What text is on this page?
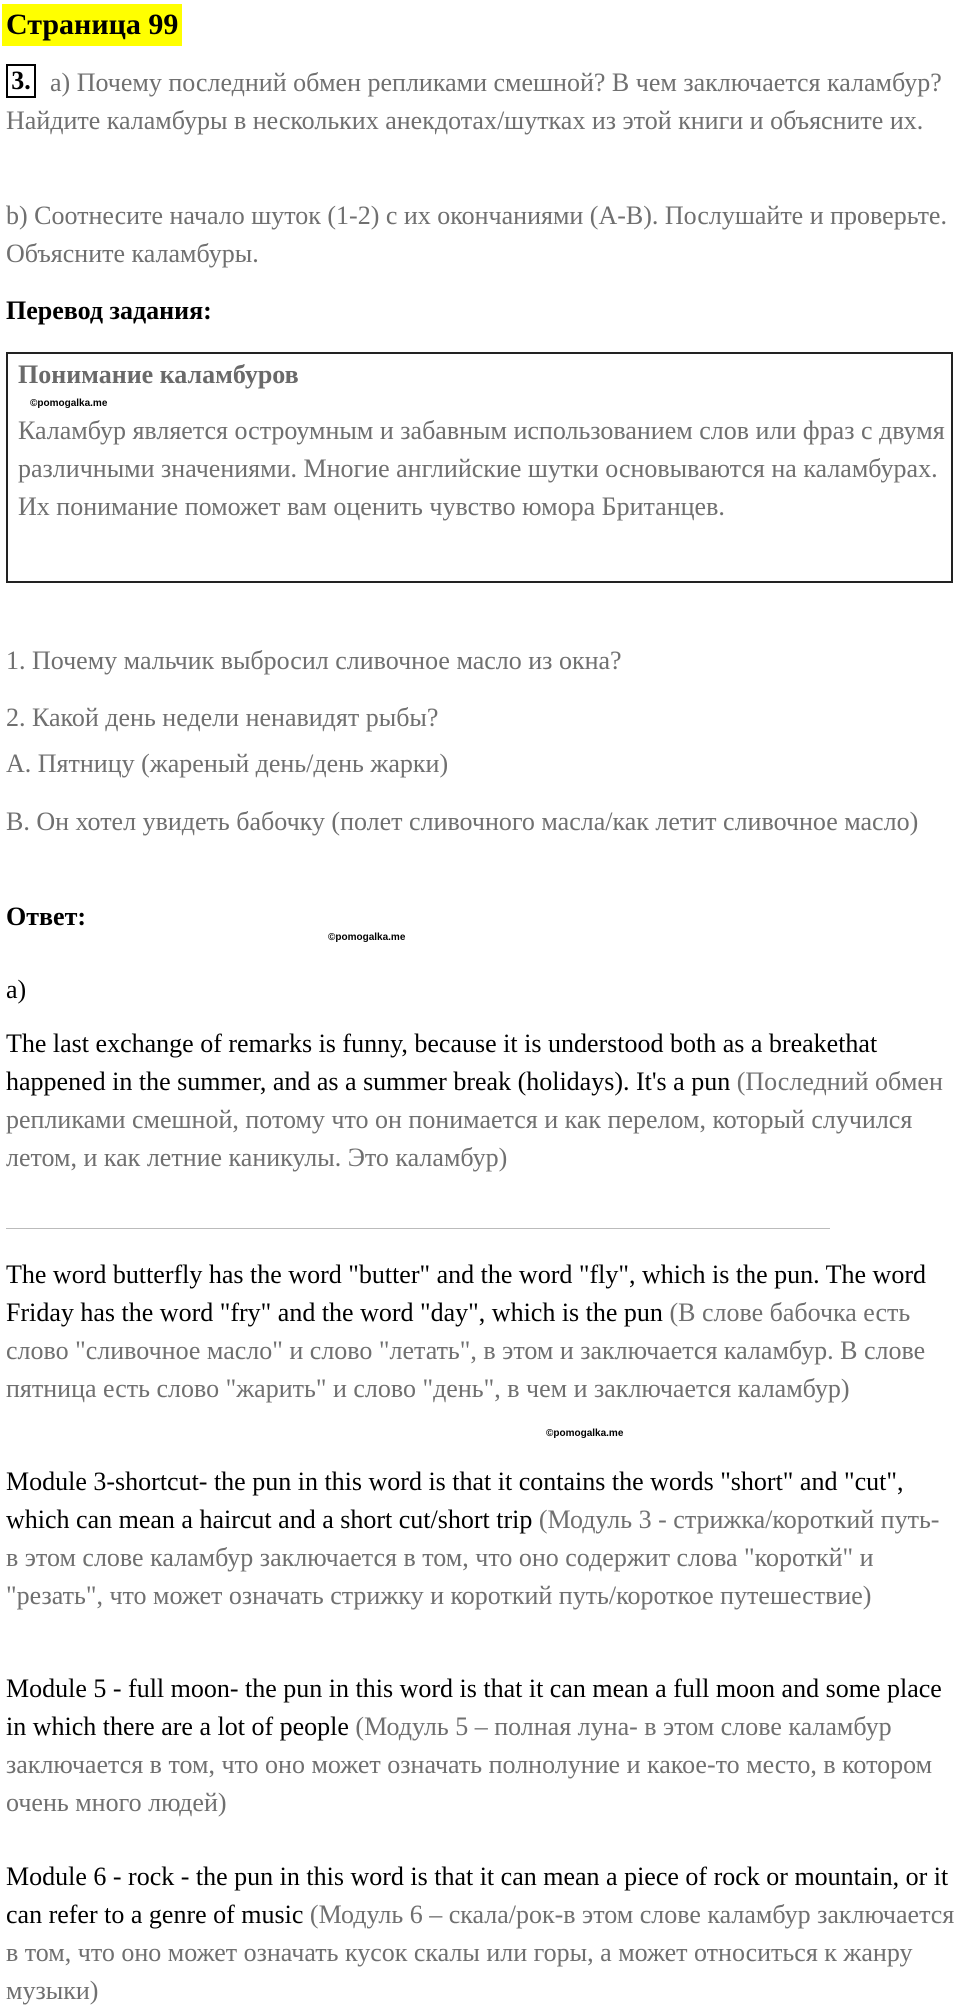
Страница 99
3. a) Почему последний обмен репликами смешной? В чем заключается каламбур? Найдите каламбуры в нескольких анекдотах/шутках из этой книги и объясните их.
b) Соотнесите начало шуток (1-2) с их окончаниями (A-B). Послушайте и проверьте. Объясните каламбуры.
Перевод задания:
Понимание каламбуров
©pomogalka.me
Каламбур является остроумным и забавным использованием слов или фраз с двумя различными значениями. Многие английские шутки основываются на каламбурах. Их понимание поможет вам оценить чувство юмора Британцев.
1. Почему мальчик выбросил сливочное масло из окна?
2. Какой день недели ненавидят рыбы?
A. Пятницу (жареный день/день жарки)
B. Он хотел увидеть бабочку (полет сливочного масла/как летит сливочное масло)
Ответ:
©pomogalka.me
a)
The last exchange of remarks is funny, because it is understood both as a breakethat happened in the summer, and as a summer break (holidays). It's a pun (Последний обмен репликами смешной, потому что он понимается и как перелом, который случился летом, и как летние каникулы. Это каламбур)
The word butterfly has the word "butter" and the word "fly", which is the pun. The word Friday has the word "fry" and the word "day", which is the pun (В слове бабочка есть слово "сливочное масло" и слово "летать", в этом и заключается каламбур. В слове пятница есть слово "жарить" и слово "день", в чем и заключается каламбур)
©pomogalka.me
Module 3-shortcut- the pun in this word is that it contains the words "short" and "cut", which can mean a haircut and a short cut/short trip (Модуль 3 - стрижка/короткий путь- в этом слове каламбур заключается в том, что оно содержит слова "короткй" и "резать", что может означать стрижку и короткий путь/короткое путешествие)
Module 5 - full moon- the pun in this word is that it can mean a full moon and some place in which there are a lot of people (Модуль 5 – полная луна- в этом слове каламбур заключается в том, что оно может означать полнолуние и какое-то место, в котором очень много людей)
Module 6 - rock - the pun in this word is that it can mean a piece of rock or mountain, or it can refer to a genre of music (Модуль 6 – скала/рок-в этом слове каламбур заключается в том, что оно может означать кусок скалы или горы, а может относиться к жанру музыки)
